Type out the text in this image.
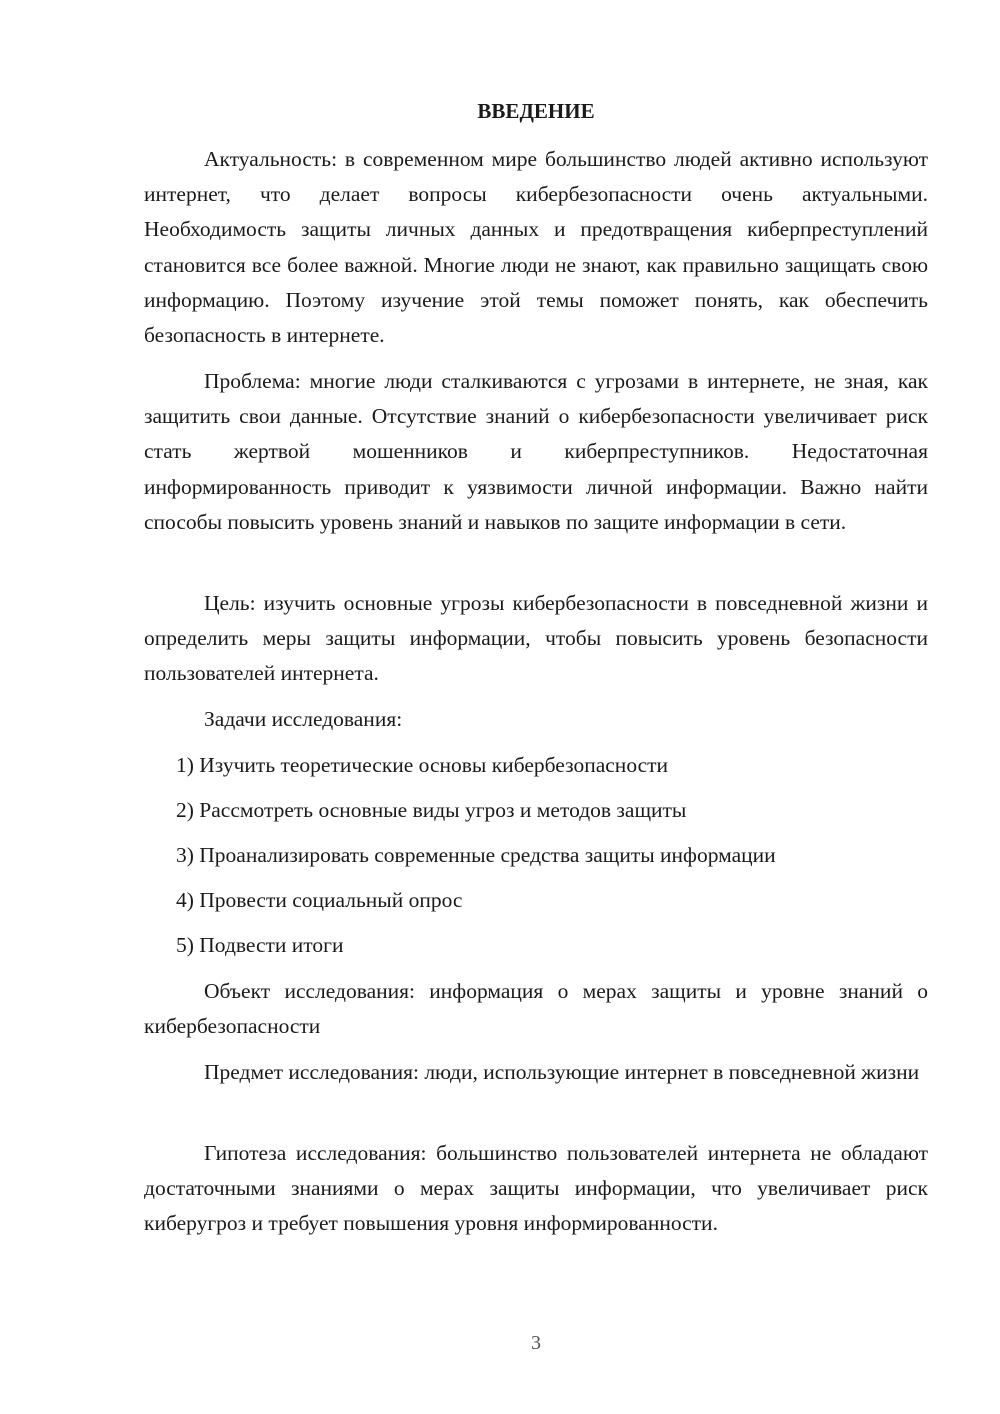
ВВЕДЕНИЕ

Актуальность: в современном мире большинство людей активно используют интернет, что делает вопросы кибербезопасности очень актуальными. Необходимость защиты личных данных и предотвращения киберпреступлений становится все более важной. Многие люди не знают, как правильно защищать свою информацию. Поэтому изучение этой темы поможет понять, как обеспечить безопасность в интернете.

Проблема: многие люди сталкиваются с угрозами в интернете, не зная, как защитить свои данные. Отсутствие знаний о кибербезопасности увеличивает риск стать жертвой мошенников и киберпреступников. Недостаточная информированность приводит к уязвимости личной информации. Важно найти способы повысить уровень знаний и навыков по защите информации в сети.

Цель: изучить основные угрозы кибербезопасности в повседневной жизни и определить меры защиты информации, чтобы повысить уровень безопасности пользователей интернета.

Задачи исследования:

1) Изучить теоретические основы кибербезопасности
2) Рассмотреть основные виды угроз и методов защиты
3) Проанализировать современные средства защиты информации
4) Провести социальный опрос
5) Подвести итоги

Объект исследования: информация о мерах защиты и уровне знаний о кибербезопасности

Предмет исследования: люди, использующие интернет в повседневной жизни

Гипотеза исследования: большинство пользователей интернета не обладают достаточными знаниями о мерах защиты информации, что увеличивает риск киберугроз и требует повышения уровня информированности.

3
